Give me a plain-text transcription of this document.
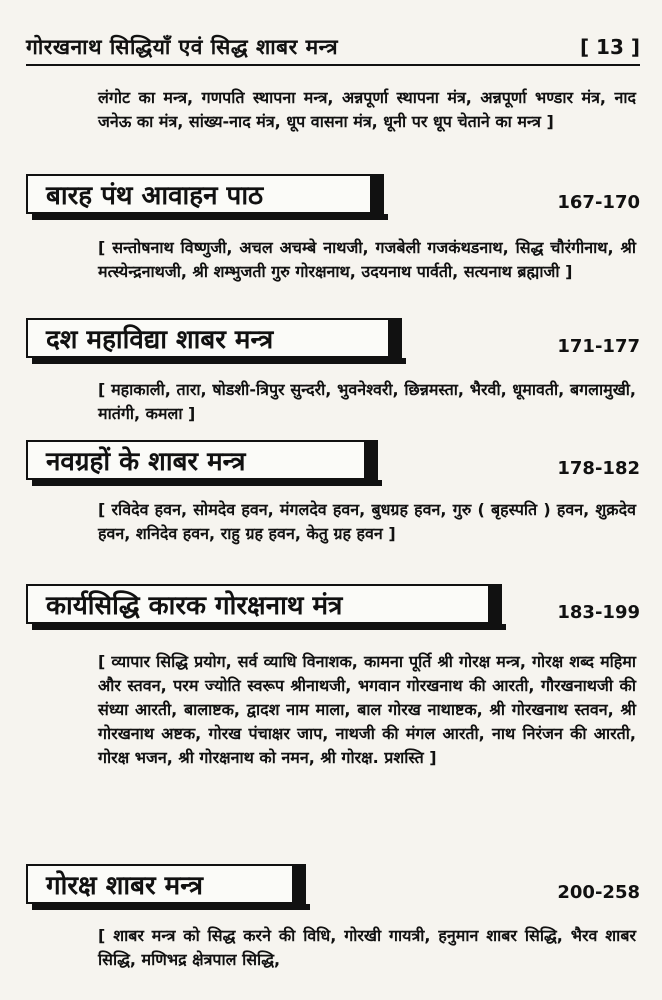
गोरखनाथ सिद्धियाँ एवं सिद्ध शाबर मन्त्र	[ 13 ]
लंगोट का मन्त्र, गणपति स्थापना मन्त्र, अन्नपूर्णा स्थापना मंत्र, अन्नपूर्णा भण्डार मंत्र, नाद जनेऊ का मंत्र, सांख्य-नाद मंत्र, धूप वासना मंत्र, धूनी पर धूप चेताने का मन्त्र ]
बारह पंथ आवाहन पाठ	167-170
[ सन्तोषनाथ विष्णुजी, अचल अचम्बे नाथजी, गजबेली गजकंथडनाथ, सिद्ध चौरंगीनाथ, श्री मत्स्येन्द्रनाथजी, श्री शम्भुजती गुरु गोरक्षनाथ, उदयनाथ पार्वती, सत्यनाथ ब्रह्माजी ]
दश महाविद्या शाबर मन्त्र	171-177
[ महाकाली, तारा, षोडशी-त्रिपुर सुन्दरी, भुवनेश्वरी, छिन्नमस्ता, भैरवी, धूमावती, बगलामुखी, मातंगी, कमला ]
नवग्रहों के शाबर मन्त्र	178-182
[ रविदेव हवन, सोमदेव हवन, मंगलदेव हवन, बुधग्रह हवन, गुरु ( बृहस्पति ) हवन, शुक्रदेव हवन, शनिदेव हवन, राहु ग्रह हवन, केतु ग्रह हवन ]
कार्यसिद्धि कारक गोरक्षनाथ मंत्र	183-199
[ व्यापार सिद्धि प्रयोग, सर्व व्याधि विनाशक, कामना पूर्ति श्री गोरक्ष मन्त्र, गोरक्ष शब्द महिमा और स्तवन, परम ज्योति स्वरूप श्रीनाथजी, भगवान गोरखनाथ की आरती, गौरखनाथजी की संध्या आरती, बालाष्टक, द्वादश नाम माला, बाल गोरख नाथाष्टक, श्री गोरखनाथ स्तवन, श्री गोरखनाथ अष्टक, गोरख पंचाक्षर जाप, नाथजी की मंगल आरती, नाथ निरंजन की आरती, गोरक्ष भजन, श्री गोरक्षनाथ को नमन, श्री गोरक्ष. प्रशस्ति ]
गोरक्ष शाबर मन्त्र	200-258
[ शाबर मन्त्र को सिद्ध करने की विधि, गोरखी गायत्री, हनुमान शाबर सिद्धि, भैरव शाबर सिद्धि, मणिभद्र क्षेत्रपाल सिद्धि,
